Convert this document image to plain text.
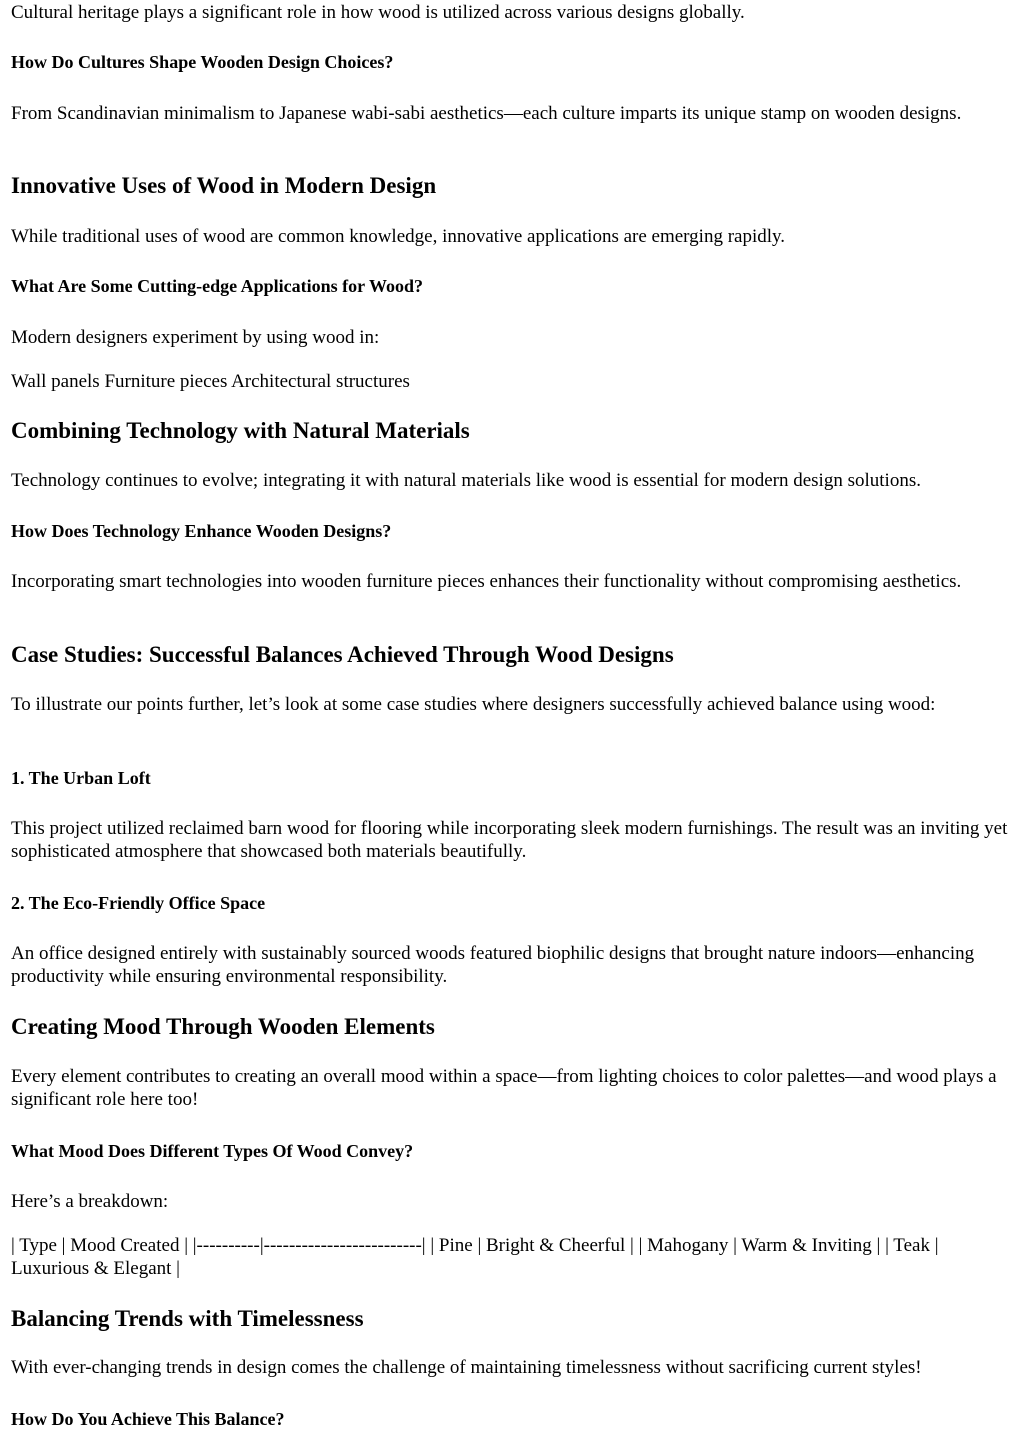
Cultural heritage plays a significant role in how wood is utilized across various designs globally.

How Do Cultures Shape Wooden Design Choices?

From Scandinavian minimalism to Japanese wabi-sabi aesthetics—each culture imparts its unique stamp on wooden designs.

Innovative Uses of Wood in Modern Design

While traditional uses of wood are common knowledge, innovative applications are emerging rapidly.

What Are Some Cutting-edge Applications for Wood?

Modern designers experiment by using wood in:

Wall panels Furniture pieces Architectural structures

Combining Technology with Natural Materials

Technology continues to evolve; integrating it with natural materials like wood is essential for modern design solutions.

How Does Technology Enhance Wooden Designs?

Incorporating smart technologies into wooden furniture pieces enhances their functionality without compromising aesthetics.

Case Studies: Successful Balances Achieved Through Wood Designs

To illustrate our points further, let’s look at some case studies where designers successfully achieved balance using wood:

1. The Urban Loft

This project utilized reclaimed barn wood for flooring while incorporating sleek modern furnishings. The result was an inviting yet sophisticated atmosphere that showcased both materials beautifully.

2. The Eco-Friendly Office Space

An office designed entirely with sustainably sourced woods featured biophilic designs that brought nature indoors—enhancing productivity while ensuring environmental responsibility.

Creating Mood Through Wooden Elements

Every element contributes to creating an overall mood within a space—from lighting choices to color palettes—and wood plays a significant role here too!

What Mood Does Different Types Of Wood Convey?

Here’s a breakdown:

| Type | Mood Created | |----------|-------------------------| | Pine | Bright & Cheerful | | Mahogany | Warm & Inviting | | Teak | Luxurious & Elegant |

Balancing Trends with Timelessness

With ever-changing trends in design comes the challenge of maintaining timelessness without sacrificing current styles!

How Do You Achieve This Balance?
